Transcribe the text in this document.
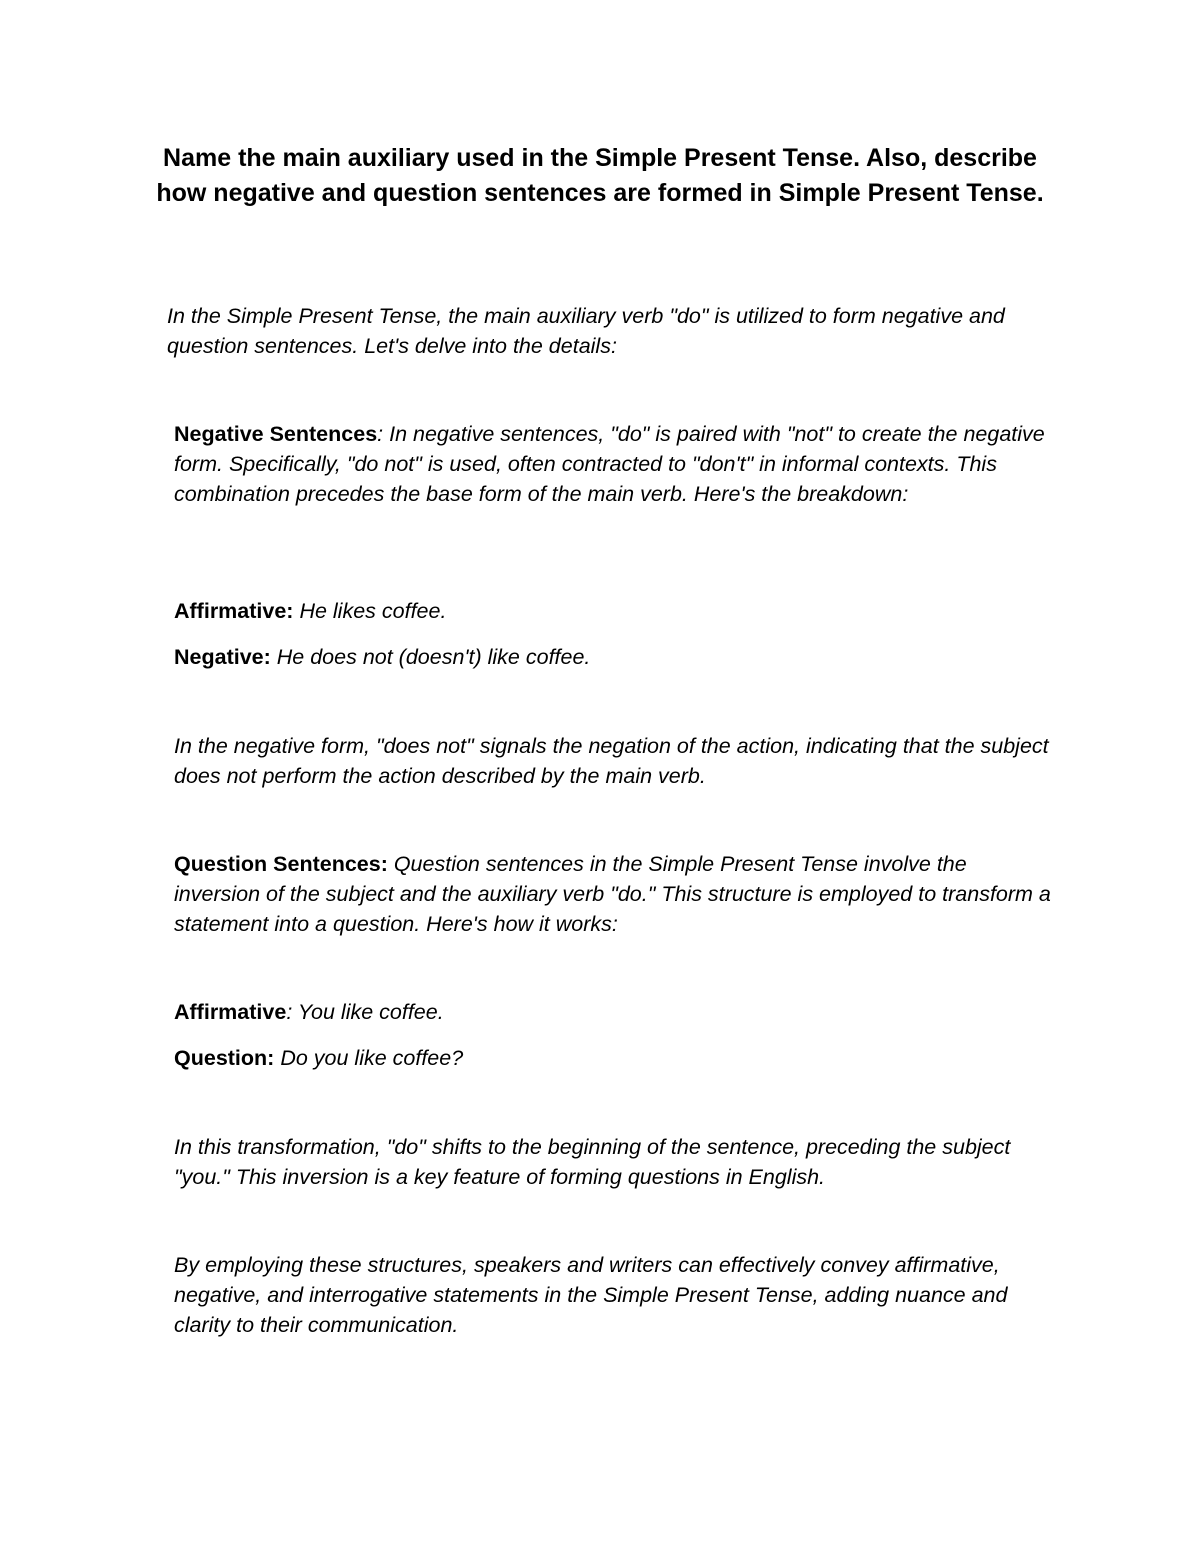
Name the main auxiliary used in the Simple Present Tense. Also, describe how negative and question sentences are formed in Simple Present Tense.

In the Simple Present Tense, the main auxiliary verb "do" is utilized to form negative and question sentences. Let's delve into the details:

Negative Sentences: In negative sentences, "do" is paired with "not" to create the negative form. Specifically, "do not" is used, often contracted to "don't" in informal contexts. This combination precedes the base form of the main verb. Here's the breakdown:

Affirmative: He likes coffee.

Negative: He does not (doesn't) like coffee.

In the negative form, "does not" signals the negation of the action, indicating that the subject does not perform the action described by the main verb.

Question Sentences: Question sentences in the Simple Present Tense involve the inversion of the subject and the auxiliary verb "do." This structure is employed to transform a statement into a question. Here's how it works:

Affirmative: You like coffee.

Question: Do you like coffee?

In this transformation, "do" shifts to the beginning of the sentence, preceding the subject "you." This inversion is a key feature of forming questions in English.

By employing these structures, speakers and writers can effectively convey affirmative, negative, and interrogative statements in the Simple Present Tense, adding nuance and clarity to their communication.
